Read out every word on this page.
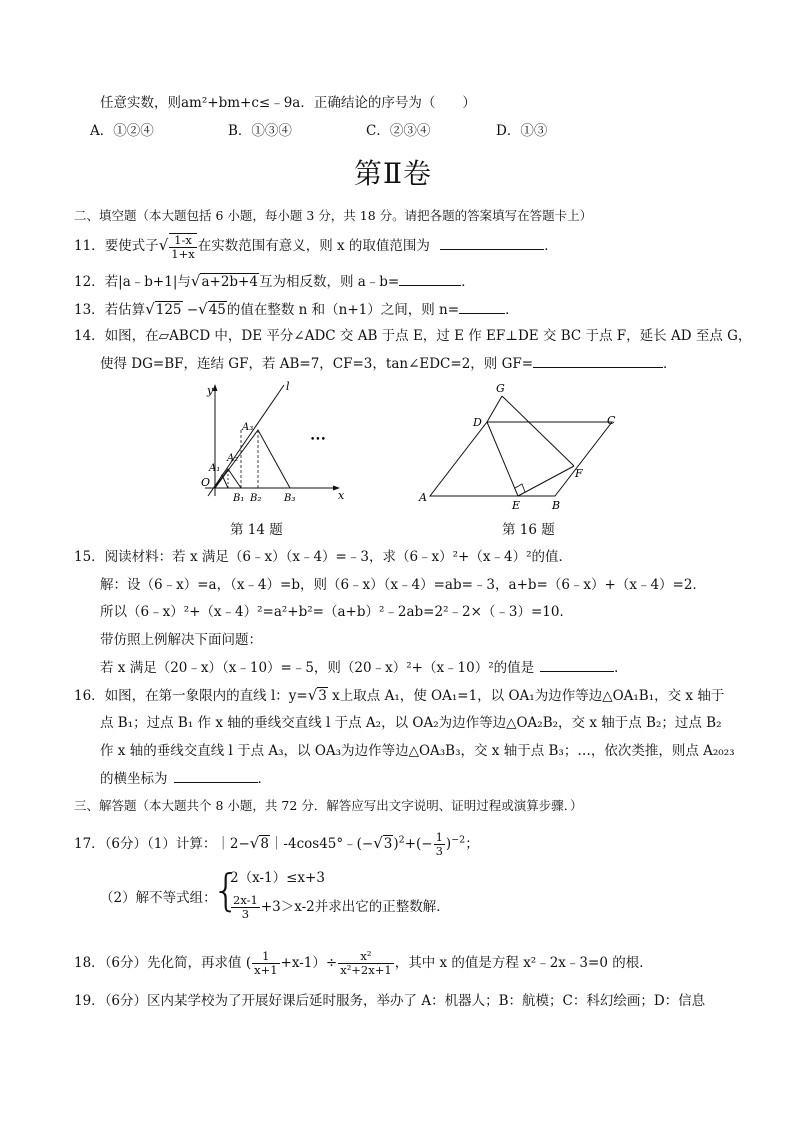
任意实数，则am²+bm+c≤﹣9a．正确结论的序号为（　　）
A．①②④	B．①③④	C．②③④	D．①③
第Ⅱ卷
二、填空题（本大题包括 6 小题，每小题 3 分，共 18 分。请把各题的答案填写在答题卡上）
11．要使式子√ $\frac{1-x}{1+x}$ 在实数范围有意义，则 x 的取值范围为	．
12．若|a﹣b+1|与√a+2b+4互为相反数，则 a﹣b=	．
13．若估算√125 −√45的值在整数 n 和（n+1）之间，则 n=	．
14．如图，在▱ABCD 中，DE 平分∠ADC 交 AB 于点 E，过 E 作 EF⊥DE 交 BC 于点 F，延长 AD 至点 G，
使得 DG=BF，连结 GF，若 AB=7，CF=3，tan∠EDC=2，则 GF=	．
y	l
O
x
A₁
A₂
A₃
B₁ B₂ B₃
•••
第 14 题
G
D	C
F
A
E	B
第 16 题
15．阅读材料：若 x 满足（6﹣x）（x﹣4）=﹣3，求（6﹣x）²+（x﹣4）²的值．
解：设（6﹣x）=a，（x﹣4）=b，则（6﹣x）（x﹣4）=ab=﹣3，a+b=（6﹣x）+（x﹣4）=2．
所以（6﹣x）²+（x﹣4）²=a²+b²=（a+b）²﹣2ab=2²﹣2×（﹣3）=10．
带仿照上例解决下面问题：
若 x 满足（20﹣x）（x﹣10）=﹣5，则（20﹣x）²+（x﹣10）²的值是	．
16．如图，在第一象限内的直线 l：y=√3 x上取点 A₁，使 OA₁=1，以 OA₁为边作等边△OA₁B₁，交 x 轴于
点 B₁；过点 B₁ 作 x 轴的垂线交直线 l 于点 A₂，以 OA₂为边作等边△OA₂B₂，交 x 轴于点 B₂；过点 B₂
作 x 轴的垂线交直线 l 于点 A₃，以 OA₃为边作等边△OA₃B₃，交 x 轴于点 B₃；…，依次类推，则点 A₂₀₂₃
的横坐标为	．
三、解答题（本大题共个 8 小题，共 72 分．解答应写出文字说明、证明过程或演算步骤．）
17．（6分）（1）计算：$|2-√8|-4\cos 45^\circ﹣(-√3)^2+(- \frac{1}{3} )^{-2}$；
（2）解不等式组：
{
2（x-1）≤x+3
$\frac{2x-1}{3} +3>x-2$并求出它的正整数解．
18．（6分）先化简，再求值 ( $\frac{1}{x+1} +x-1)\div \frac{\text{x²}}{\text{x²+2x+1}}$ ，其中 x 的值是方程 x²﹣2x﹣3=0 的根．
19．（6分）区内某学校为了开展好课后延时服务，举办了 A：机器人；B：航模；C：科幻绘画；D：信息
